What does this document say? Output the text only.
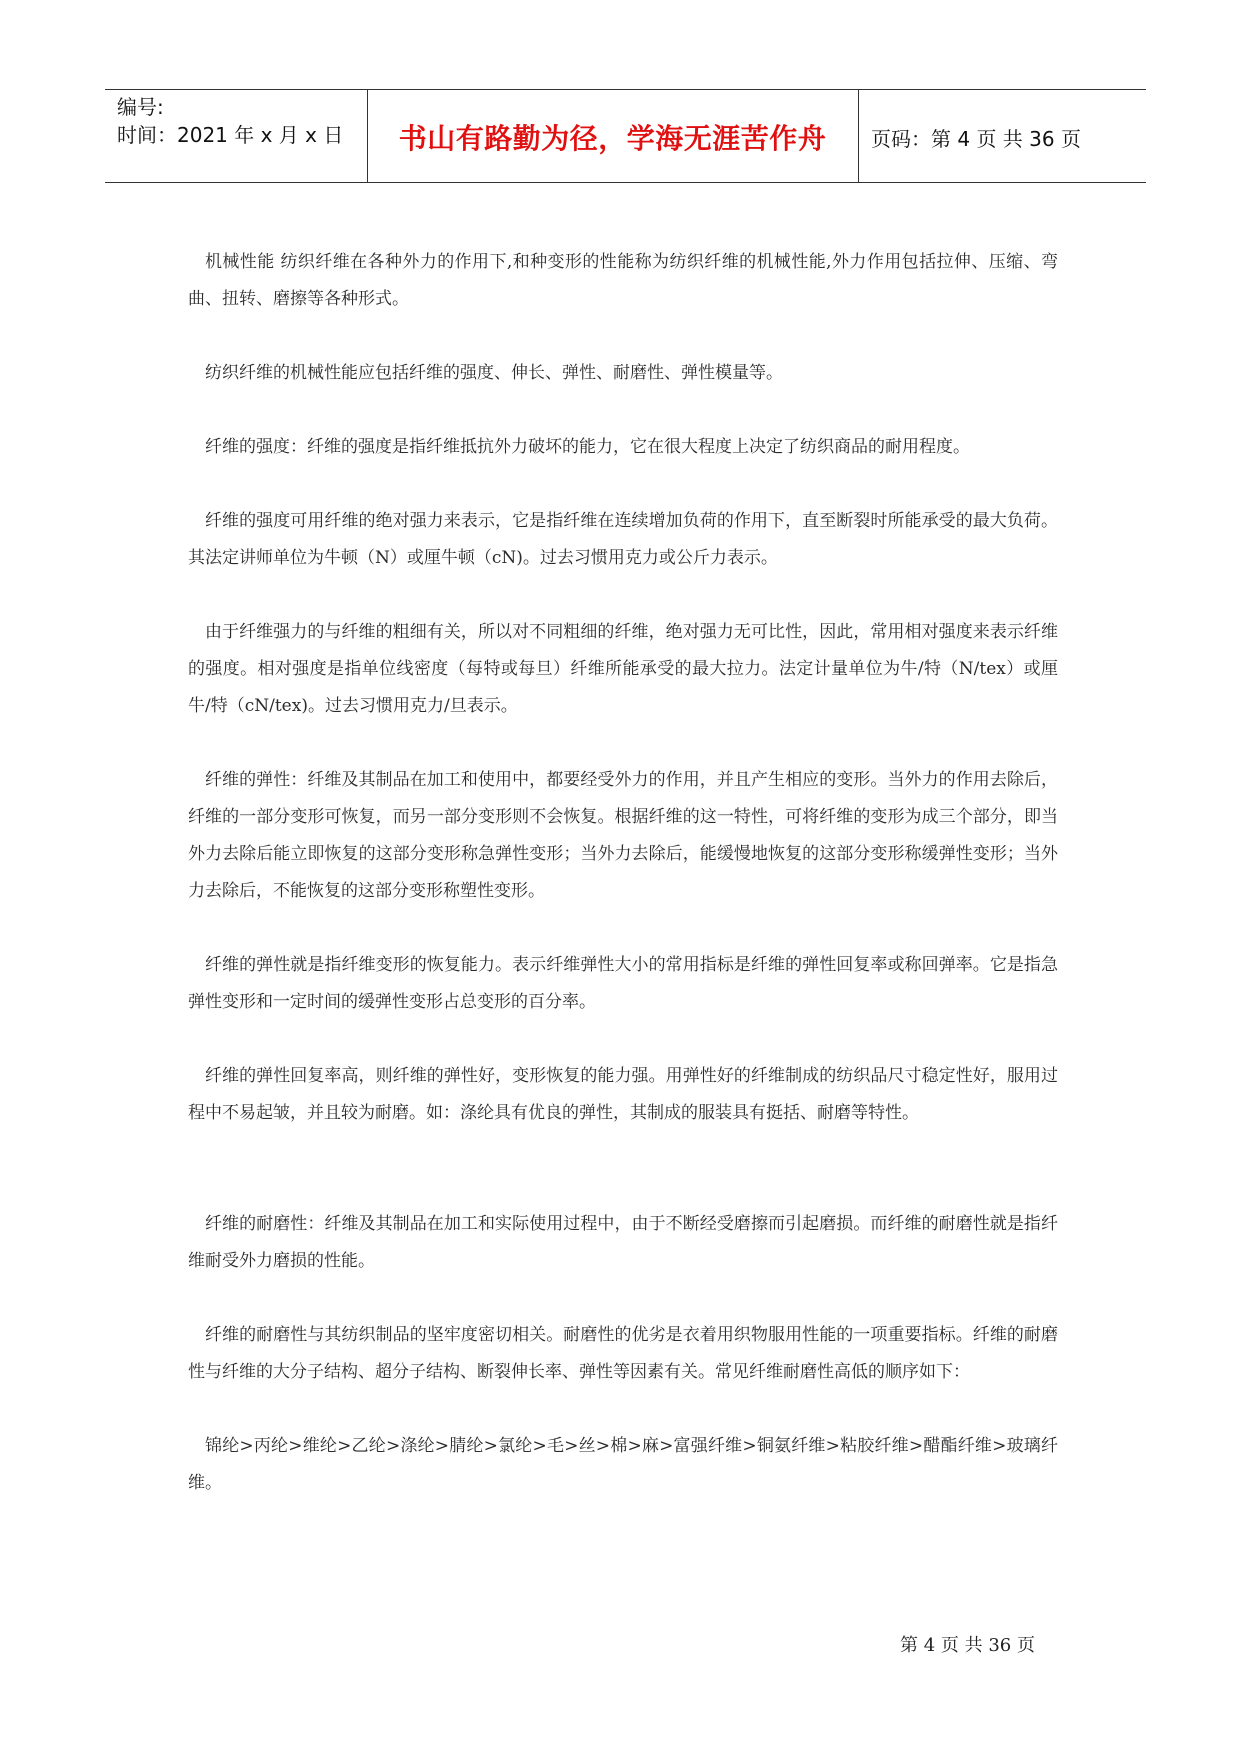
编号:
时间：2021 年 x 月 x 日	书山有路勤为径，学海无涯苦作舟	页码：第 4 页 共 36 页

机械性能 纺织纤维在各种外力的作用下,和种变形的性能称为纺织纤维的机械性能,外力作用包括拉伸、压缩、弯曲、扭转、磨擦等各种形式。

纺织纤维的机械性能应包括纤维的强度、伸长、弹性、耐磨性、弹性模量等。

纤维的强度：纤维的强度是指纤维抵抗外力破坏的能力，它在很大程度上决定了纺织商品的耐用程度。

纤维的强度可用纤维的绝对强力来表示，它是指纤维在连续增加负荷的作用下，直至断裂时所能承受的最大负荷。其法定讲师单位为牛顿（N）或厘牛顿（cN)。过去习惯用克力或公斤力表示。

由于纤维强力的与纤维的粗细有关，所以对不同粗细的纤维，绝对强力无可比性，因此，常用相对强度来表示纤维的强度。相对强度是指单位线密度（每特或每旦）纤维所能承受的最大拉力。法定计量单位为牛/特（N/tex）或厘牛/特（cN/tex)。过去习惯用克力/旦表示。

纤维的弹性：纤维及其制品在加工和使用中，都要经受外力的作用，并且产生相应的变形。当外力的作用去除后，纤维的一部分变形可恢复，而另一部分变形则不会恢复。根据纤维的这一特性，可将纤维的变形为成三个部分，即当外力去除后能立即恢复的这部分变形称急弹性变形；当外力去除后，能缓慢地恢复的这部分变形称缓弹性变形；当外力去除后，不能恢复的这部分变形称塑性变形。

纤维的弹性就是指纤维变形的恢复能力。表示纤维弹性大小的常用指标是纤维的弹性回复率或称回弹率。它是指急弹性变形和一定时间的缓弹性变形占总变形的百分率。

纤维的弹性回复率高，则纤维的弹性好，变形恢复的能力强。用弹性好的纤维制成的纺织品尺寸稳定性好，服用过程中不易起皱，并且较为耐磨。如：涤纶具有优良的弹性，其制成的服装具有挺括、耐磨等特性。

纤维的耐磨性：纤维及其制品在加工和实际使用过程中，由于不断经受磨擦而引起磨损。而纤维的耐磨性就是指纤维耐受外力磨损的性能。

纤维的耐磨性与其纺织制品的坚牢度密切相关。耐磨性的优劣是衣着用织物服用性能的一项重要指标。纤维的耐磨性与纤维的大分子结构、超分子结构、断裂伸长率、弹性等因素有关。常见纤维耐磨性高低的顺序如下：

锦纶>丙纶>维纶>乙纶>涤纶>腈纶>氯纶>毛>丝>棉>麻>富强纤维>铜氨纤维>粘胶纤维>醋酯纤维>玻璃纤维。

第 4 页 共 36 页
